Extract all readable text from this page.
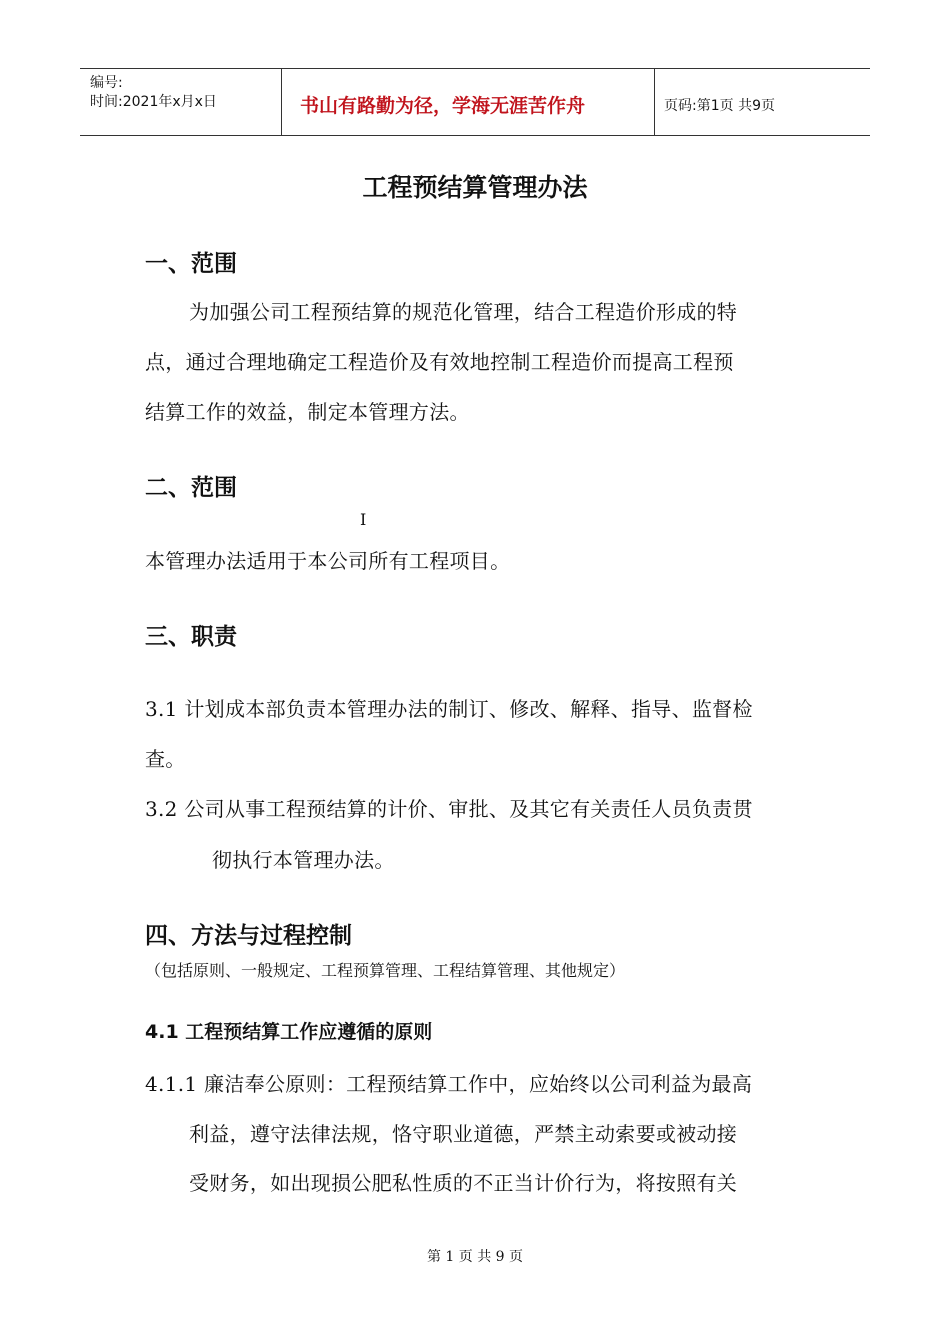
编号:
时间:2021年x月x日	书山有路勤为径，学海无涯苦作舟	页码:第1页 共9页
工程预结算管理办法
一、范围
为加强公司工程预结算的规范化管理，结合工程造价形成的特
点，通过合理地确定工程造价及有效地控制工程造价而提高工程预
结算工作的效益，制定本管理方法。
二、范围
I
本管理办法适用于本公司所有工程项目。
三、职责
3.1 计划成本部负责本管理办法的制订、修改、解释、指导、监督检
查。
3.2 公司从事工程预结算的计价、审批、及其它有关责任人员负责贯
彻执行本管理办法。
四、方法与过程控制
（包括原则、一般规定、工程预算管理、工程结算管理、其他规定）
4.1 工程预结算工作应遵循的原则
4.1.1 廉洁奉公原则：工程预结算工作中，应始终以公司利益为最高
利益，遵守法律法规，恪守职业道德，严禁主动索要或被动接
受财务，如出现损公肥私性质的不正当计价行为，将按照有关
第 1 页 共 9 页
